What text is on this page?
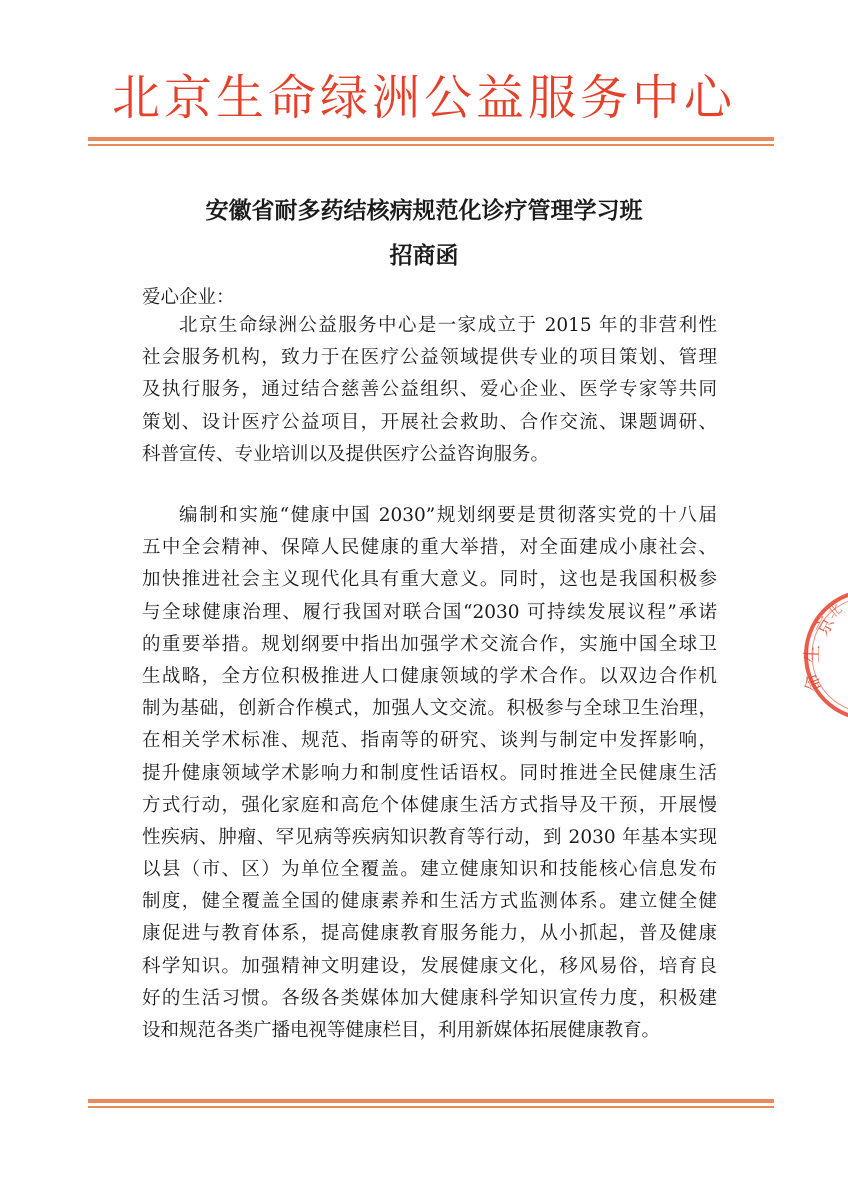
北京生命绿洲公益服务中心
安徽省耐多药结核病规范化诊疗管理学习班
招商函
爱心企业：
北京生命绿洲公益服务中心是一家成立于 2015 年的非营利性
社会服务机构，致力于在医疗公益领域提供专业的项目策划、管理
及执行服务，通过结合慈善公益组织、爱心企业、医学专家等共同
策划、设计医疗公益项目，开展社会救助、合作交流、课题调研、
科普宣传、专业培训以及提供医疗公益咨询服务。
编制和实施“健康中国 2030”规划纲要是贯彻落实党的十八届
五中全会精神、保障人民健康的重大举措，对全面建成小康社会、
加快推进社会主义现代化具有重大意义。同时，这也是我国积极参
与全球健康治理、履行我国对联合国“2030 可持续发展议程”承诺
的重要举措。规划纲要中指出加强学术交流合作，实施中国全球卫
生战略，全方位积极推进人口健康领域的学术合作。以双边合作机
制为基础，创新合作模式，加强人文交流。积极参与全球卫生治理，
在相关学术标准、规范、指南等的研究、谈判与制定中发挥影响，
提升健康领域学术影响力和制度性话语权。同时推进全民健康生活
方式行动，强化家庭和高危个体健康生活方式指导及干预，开展慢
性疾病、肿瘤、罕见病等疾病知识教育等行动，到 2030 年基本实现
以县（市、区）为单位全覆盖。建立健康知识和技能核心信息发布
制度，健全覆盖全国的健康素养和生活方式监测体系。建立健全健
康促进与教育体系，提高健康教育服务能力，从小抓起，普及健康
科学知识。加强精神文明建设，发展健康文化，移风易俗，培育良
好的生活习惯。各级各类媒体加大健康科学知识宣传力度，积极建
设和规范各类广播电视等健康栏目，利用新媒体拓展健康教育。
京
生
命
北
